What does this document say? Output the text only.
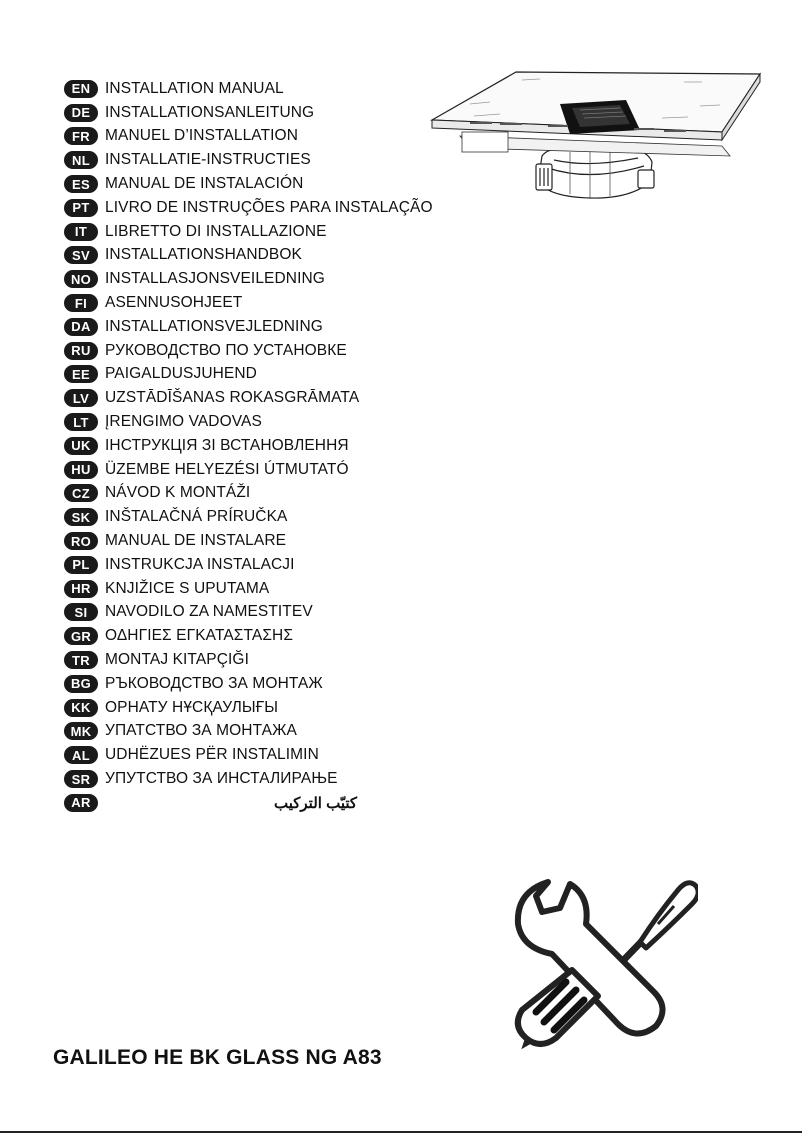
EN INSTALLATION MANUAL
DE INSTALLATIONSANLEITUNG
FR MANUEL D’INSTALLATION
NL INSTALLATIE-INSTRUCTIES
ES MANUAL DE INSTALACIÓN
PT LIVRO DE INSTRUÇÕES PARA INSTALAÇÃO
IT	LIBRETTO DI INSTALLAZIONE
SV INSTALLATIONSHANDBOK
NO INSTALLASJONSVEILEDNING
FI	ASENNUSOHJEET
DA INSTALLATIONSVEJLEDNING
RU РУКОВОДСТВО ПО УСТАНОВКЕ
EE PAIGALDUSJUHEND
LV	UZSTĀDĪŠANAS ROKASGRĀMATA
LT	ĮRENGIMO VADOVAS
UK ІНСТРУКЦІЯ ЗІ ВСТАНОВЛЕННЯ
HU ÜZEMBE HELYEZÉSI ÚTMUTATÓ
CZ NÁVOD K MONTÁŽI
SK INŠTALAČNÁ PRÍRUČKA
RO MANUAL DE INSTALARE
PL INSTRUKCJA INSTALACJI
HR KNJIŽICE S UPUTAMA
SI	NAVODILO ZA NAMESTITEV
GR ΟΔΗΓΙΕΣ ΕΓΚΑΤΑΣΤΑΣΗΣ
TR MONTAJ KITAPÇIĞI
BG РЪКОВОДСТВО ЗА МОНТАЖ
KK ОРНАТУ НҰСҚАУЛЫҒЫ
MK УПАТСТВО ЗА МОНТАЖА
AL UDHËZUES PËR INSTALIMIN
SR УПУТСТВО ЗА ИНСТАЛИРАЊЕ
AR	كتيّب التركيب
GALILEO HE BK GLASS NG A83
